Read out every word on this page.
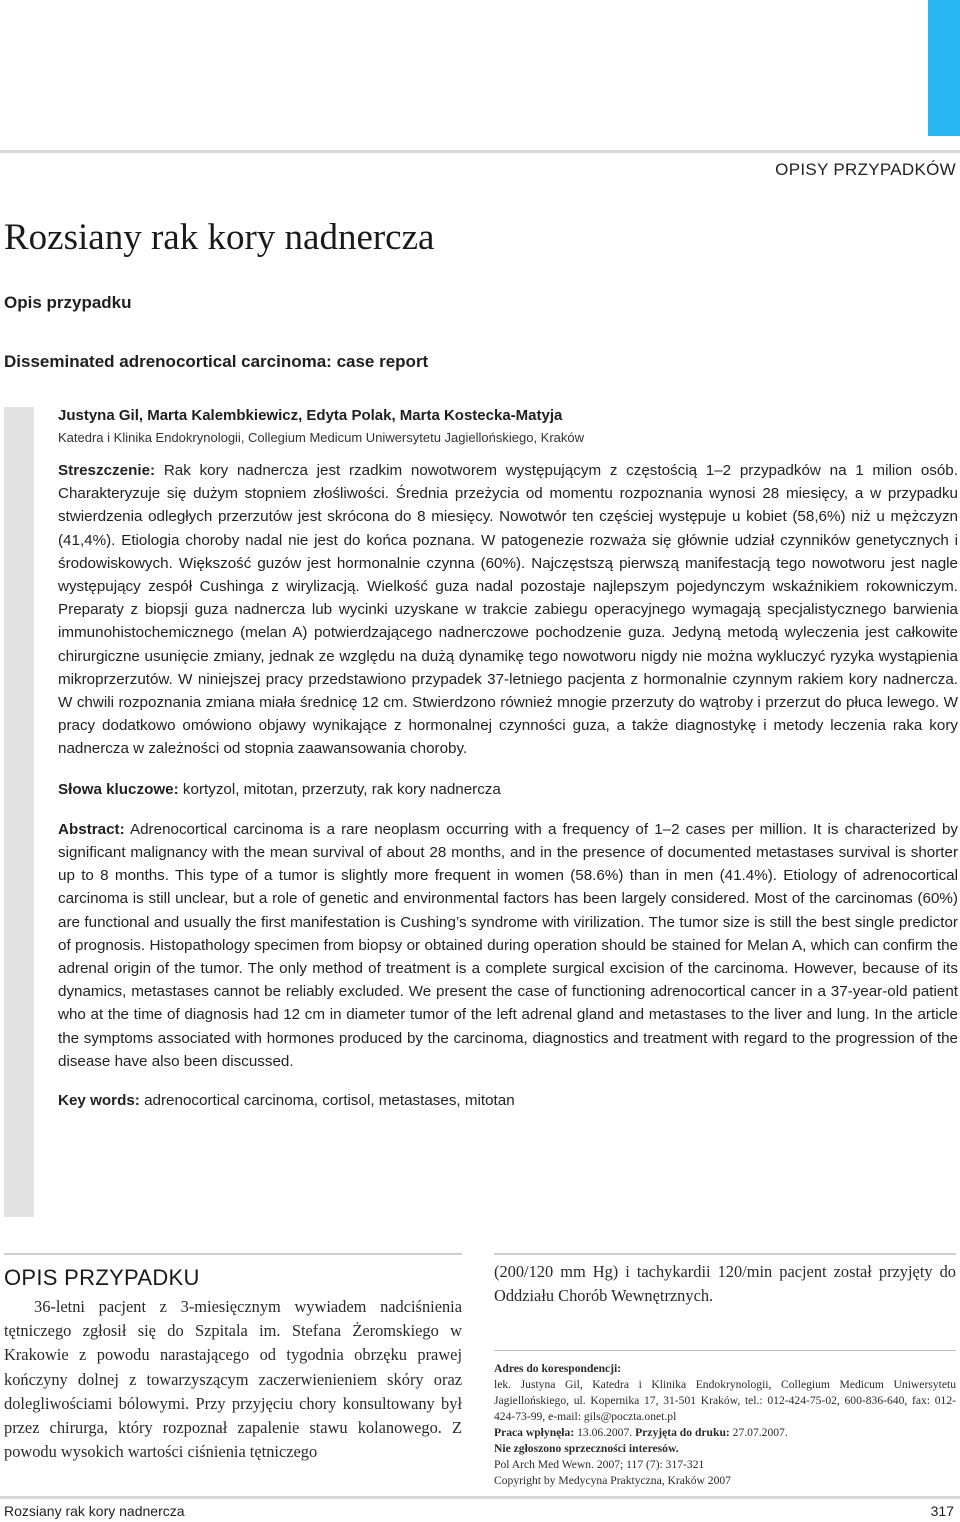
OPISY PRZYPADKÓW
Rozsiany rak kory nadnercza
Opis przypadku
Disseminated adrenocortical carcinoma: case report

Justyna Gil, Marta Kalembkiewicz, Edyta Polak, Marta Kostecka-Matyja

Katedra i Klinika Endokrynologii, Collegium Medicum Uniwersytetu Jagiellońskiego, Kraków

Streszczenie: Rak kory nadnercza jest rzadkim nowotworem występującym z częstością 1–2 przypadków na 1 milion osób. Charakteryzuje się dużym stopniem złośliwości. Średnia przeżycia od momentu rozpoznania wynosi 28 miesięcy, a w przypadku stwierdzenia odległych przerzutów jest skrócona do 8 miesięcy. Nowotwór ten częściej występuje u kobiet (58,6%) niż u mężczyzn (41,4%). Etiologia choroby nadal nie jest do końca poznana. W patogenezie rozważa się głównie udział czynników genetycznych i środowiskowych. Większość guzów jest hormonalnie czynna (60%). Najczęstszą pierwszą manifestacją tego nowotworu jest nagle występujący zespół Cushinga z wirylizacją. Wielkość guza nadal pozostaje najlepszym pojedynczym wskaźnikiem rokowniczym. Preparaty z biopsji guza nadnercza lub wycinki uzyskane w trakcie zabiegu operacyjnego wymagają specjalistycznego barwienia immunohistochemicznego (melan A) potwierdzającego nadnerczowe pochodzenie guza. Jedyną metodą wyleczenia jest całkowite chirurgiczne usunięcie zmiany, jednak ze względu na dużą dynamikę tego nowotworu nigdy nie można wykluczyć ryzyka wystąpienia mikroprzerzutów. W niniejszej pracy przedstawiono przypadek 37-letniego pacjenta z hormonalnie czynnym rakiem kory nadnercza. W chwili rozpoznania zmiana miała średnicę 12 cm. Stwierdzono również mnogie przerzuty do wątroby i przerzut do płuca lewego. W pracy dodatkowo omówiono objawy wynikające z hormonalnej czynności guza, a także diagnostykę i metody leczenia raka kory nadnercza w zależności od stopnia zaawansowania choroby.

Słowa kluczowe: kortyzol, mitotan, przerzuty, rak kory nadnercza

Abstract: Adrenocortical carcinoma is a rare neoplasm occurring with a frequency of 1–2 cases per million. It is characterized by significant malignancy with the mean survival of about 28 months, and in the presence of documented metastases survival is shorter up to 8 months. This type of a tumor is slightly more frequent in women (58.6%) than in men (41.4%). Etiology of adrenocortical carcinoma is still unclear, but a role of genetic and environmental factors has been largely considered. Most of the carcinomas (60%) are functional and usually the first manifestation is Cushing’s syndrome with virilization. The tumor size is still the best single predictor of prognosis. Histopathology specimen from biopsy or obtained during operation should be stained for Melan A, which can confirm the adrenal origin of the tumor. The only method of treatment is a complete surgical excision of the carcinoma. However, because of its dynamics, metastases cannot be reliably excluded. We present the case of functioning adrenocortical cancer in a 37-year-old patient who at the time of diagnosis had 12 cm in diameter tumor of the left adrenal gland and metastases to the liver and lung. In the article the symptoms associated with hormones produced by the carcinoma, diagnostics and treatment with regard to the progression of the disease have also been discussed.

Key words: adrenocortical carcinoma, cortisol, metastases, mitotan

OPIS PRZYPADKU

36-letni pacjent z 3-miesięcznym wywiadem nadciśnienia tętniczego zgłosił się do Szpitala im. Stefana Żeromskiego w Krakowie z powodu narastającego od tygodnia obrzęku prawej kończyny dolnej z towarzyszącym zaczerwienieniem skóry oraz dolegliwościami bólowymi. Przy przyjęciu chory konsultowany był przez chirurga, który rozpoznał zapalenie stawu kolanowego. Z powodu wysokich wartości ciśnienia tętniczego

(200/120 mm Hg) i tachykardii 120/min pacjent został przyjęty do Oddziału Chorób Wewnętrznych.

Adres do korespondencji:

lek. Justyna Gil, Katedra i Klinika Endokrynologii, Collegium Medicum Uniwersytetu Jagiellońskiego, ul. Kopernika 17, 31-501 Kraków, tel.: 012-424-75-02, 600-836-640, fax: 012-424-73-99, e-mail: gils@poczta.onet.pl

Praca wpłynęła: 13.06.2007. Przyjęta do druku: 27.07.2007.

Nie zgłoszono sprzeczności interesów.

Pol Arch Med Wewn. 2007; 117 (7): 317-321

Copyright by Medycyna Praktyczna, Kraków 2007

Rozsiany rak kory nadnercza	317
